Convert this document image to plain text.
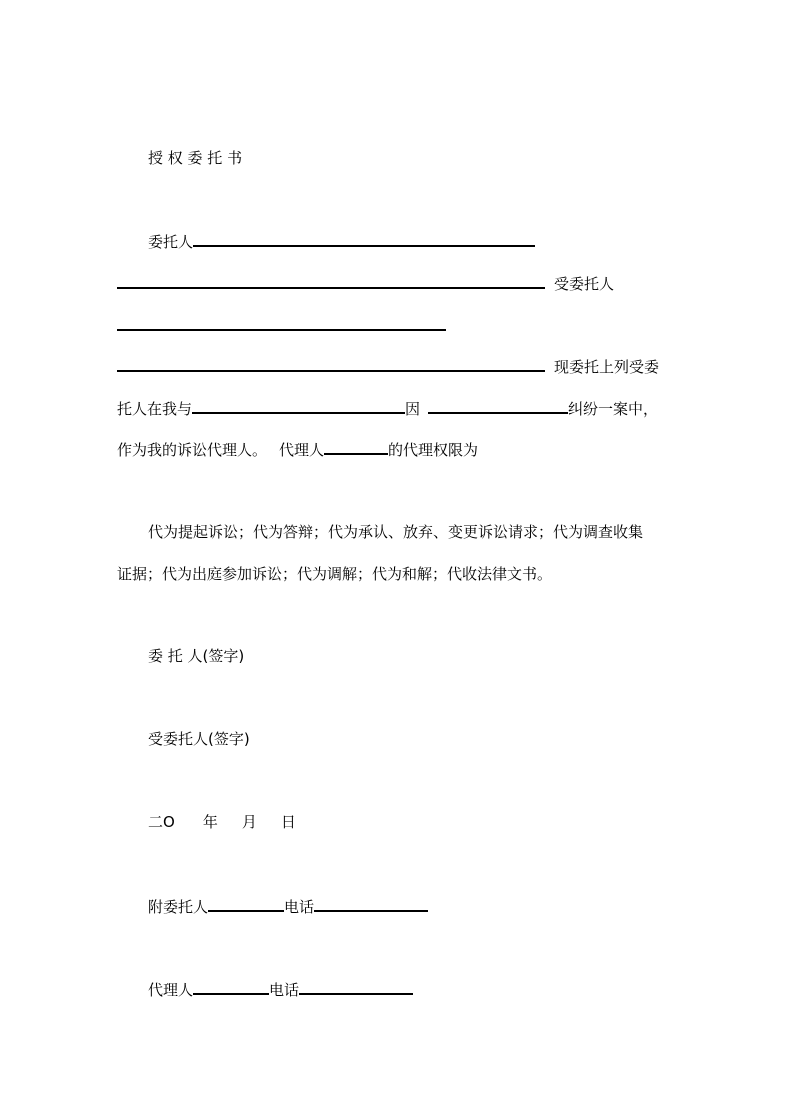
授 权 委 托 书
委托人
受委托人
现委托上列受委
托人在我与	因	纠纷一案中，
作为我的诉讼代理人。 代理人	的代理权限为
代为提起诉讼；代为答辩；代为承认、放弃、变更诉讼请求；代为调查收集
证据；代为出庭参加诉讼；代为调解；代为和解；代收法律文书。
委 托 人(签字)
受委托人(签字)
二O 年 月 日
附委托人	电话
代理人	电话
